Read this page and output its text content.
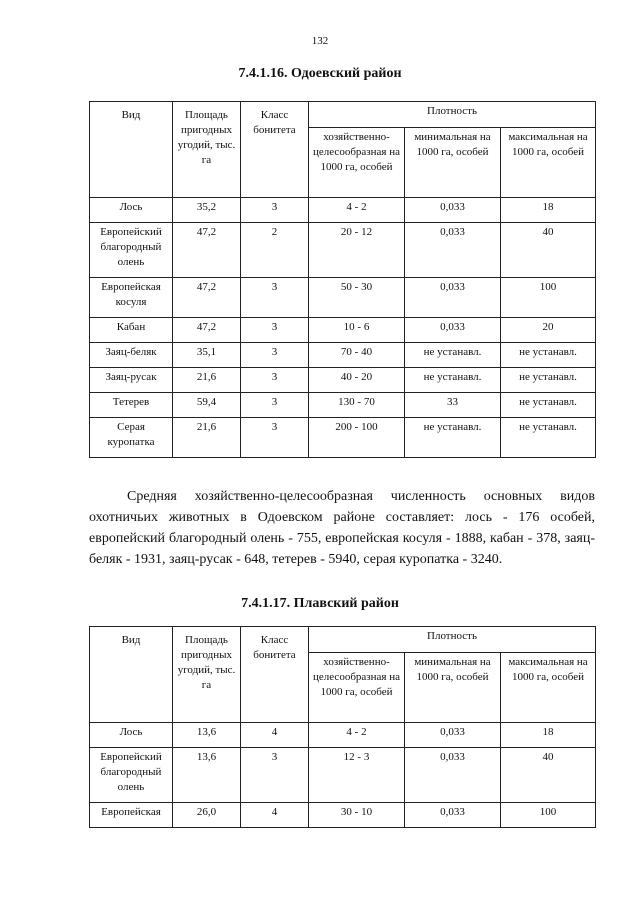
132
7.4.1.16. Одоевский район
Вид	Площадь пригодных угодий, тыс. га	Класс бонитета	Плотность		
			хозяйственно-целесообразная на 1000 га, особей	минимальная на 1000 га, особей	максимальная на 1000 га, особей
Лось	35,2	3	4 - 2	0,033	18
Европейский благородный олень	47,2	2	20 - 12	0,033	40
Европейская косуля	47,2	3	50 - 30	0,033	100
Кабан	47,2	3	10 - 6	0,033	20
Заяц-беляк	35,1	3	70 - 40	не устанавл.	не устанавл.
Заяц-русак	21,6	3	40 - 20	не устанавл.	не устанавл.
Тетерев	59,4	3	130 - 70	33	не устанавл.
Серая куропатка	21,6	3	200 - 100	не устанавл.	не устанавл.

Средняя хозяйственно-целесообразная численность основных видов охотничьих животных в Одоевском районе составляет: лось - 176 особей, европейский благородный олень - 755, европейская косуля - 1888, кабан - 378, заяц-беляк - 1931, заяц-русак - 648, тетерев - 5940, серая куропатка - 3240.

7.4.1.17. Плавский район
Вид	Площадь пригодных угодий, тыс. га	Класс бонитета	Плотность		
			хозяйственно-целесообразная на 1000 га, особей	минимальная на 1000 га, особей	максимальная на 1000 га, особей
Лось	13,6	4	4 - 2	0,033	18
Европейский благородный олень	13,6	3	12 - 3	0,033	40
Европейская	26,0	4	30 - 10	0,033	100
